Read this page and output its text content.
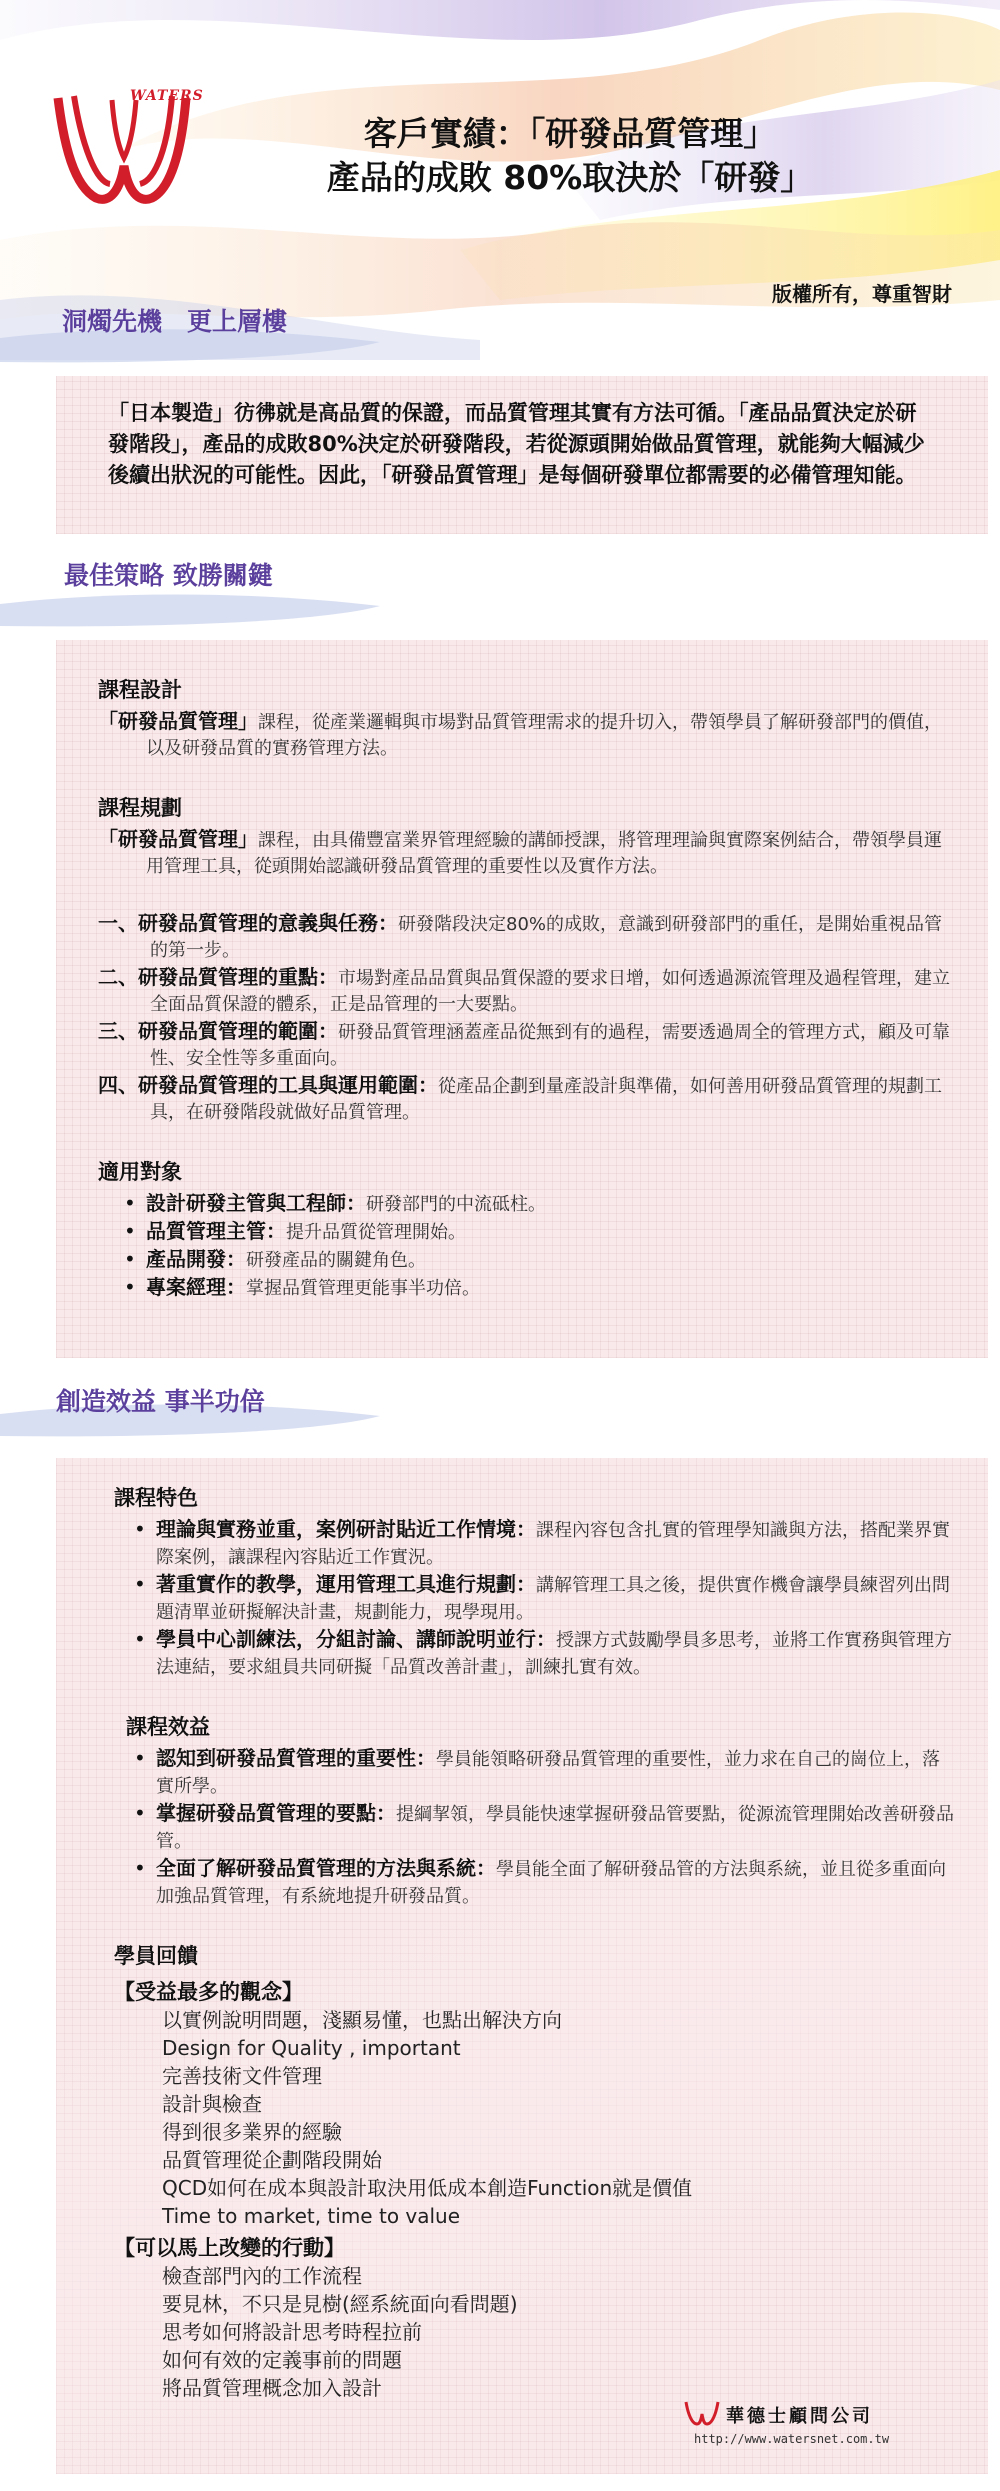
WATERS
客戶實績：「研發品質管理」
產品的成敗 80%取決於「研發」
版權所有，尊重智財
洞燭先機　更上層樓
「日本製造」彷彿就是高品質的保證，而品質管理其實有方法可循。「產品品質決定於研發階段」，產品的成敗80%決定於研發階段，若從源頭開始做品質管理，就能夠大幅減少後續出狀況的可能性。因此，「研發品質管理」是每個研發單位都需要的必備管理知能。
最佳策略 致勝關鍵
課程設計
「研發品質管理」課程，從產業邏輯與市場對品質管理需求的提升切入，帶領學員了解研發部門的價值，以及研發品質的實務管理方法。
課程規劃
「研發品質管理」課程，由具備豐富業界管理經驗的講師授課，將管理理論與實際案例結合，帶領學員運用管理工具，從頭開始認識研發品質管理的重要性以及實作方法。
一、研發品質管理的意義與任務：研發階段決定80%的成敗，意識到研發部門的重任，是開始重視品管的第一步。
二、研發品質管理的重點：市場對產品品質與品質保證的要求日增，如何透過源流管理及過程管理，建立全面品質保證的體系，正是品管理的一大要點。
三、研發品質管理的範圍：研發品質管理涵蓋產品從無到有的過程，需要透過周全的管理方式，顧及可靠性、安全性等多重面向。
四、研發品質管理的工具與運用範圍：從產品企劃到量產設計與準備，如何善用研發品質管理的規劃工具，在研發階段就做好品質管理。
適用對象
• 設計研發主管與工程師：研發部門的中流砥柱。
• 品質管理主管：提升品質從管理開始。
• 產品開發：研發產品的關鍵角色。
• 專案經理：掌握品質管理更能事半功倍。
創造效益 事半功倍
課程特色
• 理論與實務並重，案例研討貼近工作情境：課程內容包含扎實的管理學知識與方法，搭配業界實際案例，讓課程內容貼近工作實況。
• 著重實作的教學，運用管理工具進行規劃：講解管理工具之後，提供實作機會讓學員練習列出問題清單並研擬解決計畫，規劃能力，現學現用。
• 學員中心訓練法，分組討論、講師說明並行：授課方式鼓勵學員多思考，並將工作實務與管理方法連結，要求組員共同研擬「品質改善計畫」，訓練扎實有效。
課程效益
• 認知到研發品質管理的重要性：學員能領略研發品質管理的重要性，並力求在自己的崗位上，落實所學。
• 掌握研發品質管理的要點：提綱挈領，學員能快速掌握研發品管要點，從源流管理開始改善研發品管。
• 全面了解研發品質管理的方法與系統：學員能全面了解研發品管的方法與系統，並且從多重面向加強品質管理，有系統地提升研發品質。
學員回饋
【受益最多的觀念】
以實例說明問題，淺顯易懂，也點出解決方向
Design for Quality , important
完善技術文件管理
設計與檢查
得到很多業界的經驗
品質管理從企劃階段開始
QCD如何在成本與設計取決用低成本創造Function就是價值
Time to market, time to value
【可以馬上改變的行動】
檢查部門內的工作流程
要見林，不只是見樹(經系統面向看問題)
思考如何將設計思考時程拉前
如何有效的定義事前的問題
將品質管理概念加入設計
華德士顧問公司
http://www.watersnet.com.tw
